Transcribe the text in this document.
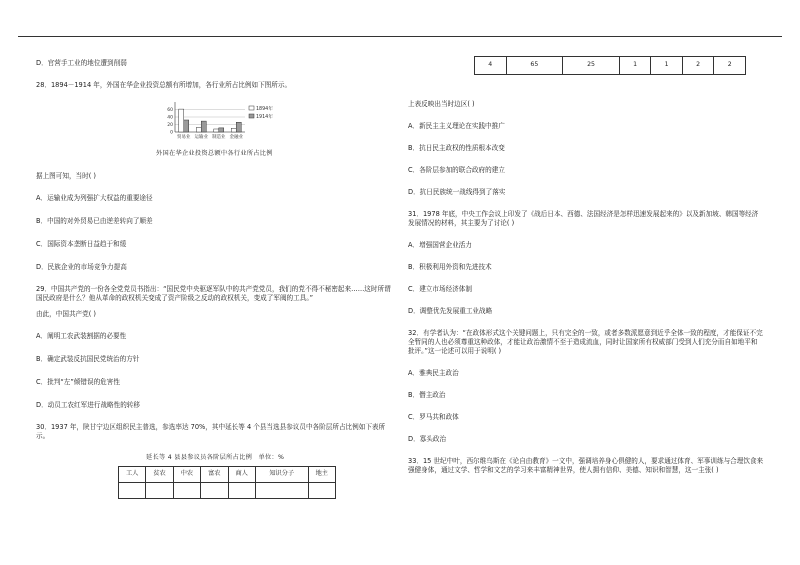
D．官营手工业的地位遭到削弱
28．1894－1914 年，外国在华企业投资总额有所增加，各行业所占比例如下图所示。
0
20
40
60
贸易业 运输业 制造业 金融业
1894年
1914年
外国在华企业投资总额中各行业所占比例
据上图可知，当时( )
A．运输业成为列强扩大权益的重要途径
B．中国的对外贸易已由逆差转向了顺差
C．国际资本垄断日益趋于和缓
D．民族企业的市场竞争力提高
29．中国共产党的一份各全党党员书指出：“国民党中央驱逐军队中的共产党党员，我们的党不得不秘密起来……这时所谓国民政府是什么？他从革命的政权机关变成了资产阶级之反动的政权机关，变成了军阀的工具。”
由此，中国共产党( )
A．阐明工农武装割据的必要性
B．确定武装反抗国民党统治的方针
C．批判“左”倾错误的危害性
D．动员工农红军进行战略性的转移
30．1937 年，陕甘宁边区组织民主普选，参选率达 70%，其中延长等 4 个县当选县参议员中各阶层所占比例如下表所示。
延长等 4 县县参议员各阶层所占比例　单位：%
工人	贫农	中农	富农	商人	知识分子	地主

4	65	25	1	1	2	2
上表反映出当时边区( )
A．新民主主义理论在实践中推广
B．抗日民主政权的性质根本改变
C．各阶层参加的联合政府的建立
D．抗日民族统一战线得到了落实
31．1978 年底，中央工作会议上印发了《战后日本、西德、法国经济是怎样迅速发展起来的》以及新加坡、韩国等经济发展情况的材料，其主要为了讨论( )
A．增强国营企业活力
B．积极利用外资和先进技术
C．建立市场经济体制
D．调整优先发展重工业战略
32．有学者认为：“在政体形式这个关键问题上，只有完全的一致，或者多数派愿意到近乎全体一致的程度，才能保证不完全暂同的人也必须尊重这种政体，才能让政治激情不至于造成流血，同时让国家所有权威部门受到人们充分而自如地平和批评。”这一论述可以用于说明( )
A．雅典民主政治
B．僭主政治
C．罗马共和政体
D．寡头政治
33．15 世纪中叶，西尔维乌斯在《论自由教育》一文中，强调培养身心俱健的人，要求通过体育、军事训练与合理饮食来强健身体，通过文学、哲学和文艺的学习来丰富精神世界，使人拥有信仰、美德、知识和智慧，这一主张( )
